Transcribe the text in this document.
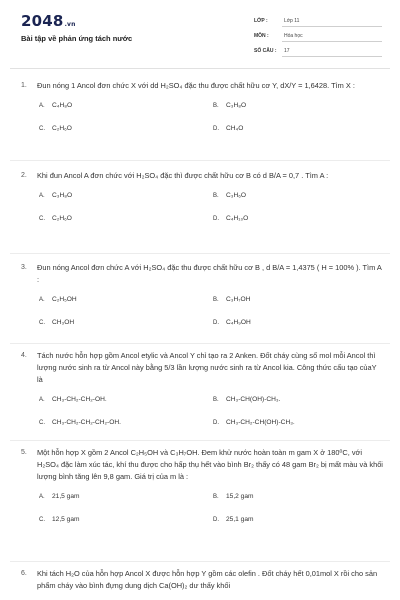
2048.vn
Bài tập về phản ứng tách nước
LỚP :	Lớp 11
MÔN :	Hóa học
SỐ CÂU :	17
1. Đun nóng 1 Ancol đơn chức X với dd H₂SO₄ đặc thu được chất hữu cơ Y, dX/Y = 1,6428. Tìm X :
A. C₄H₈O	B. C₃H₈O
C. C₂H₆O	D. CH₄O
2. Khi đun Ancol A đơn chức với H₂SO₄ đặc thì được chất hữu cơ B có d B/A = 0,7 . Tìm A :
A. C₃H₈O	B. C₃H₆O
C. C₂H₆O	D. C₄H₁₀O
3. Đun nóng Ancol đơn chức A với H₂SO₄ đặc thu được chất hữu cơ B , d B/A = 1,4375 ( H = 100% ). Tìm A :
A. C₂H₅OH	B. C₃H₇OH
C. CH₃OH	D. C₄H₉OH
4. Tách nước hỗn hợp gồm Ancol etylic và Ancol Y chỉ tạo ra 2 Anken. Đốt cháy cùng số mol mỗi Ancol thì lượng nước sinh ra từ Ancol này bằng 5/3 lần lượng nước sinh ra từ Ancol kia. Công thức cấu tạo củaY là
A. CH₃-CH₂-CH₂-OH.	B. CH₃-CH(OH)-CH₃.
C. CH₃-CH₂-CH₂-CH₂-OH.	D. CH₃-CH₂-CH(OH)-CH₃.
5. Một hỗn hợp X gồm 2 Ancol C₂H₅OH và C₃H₇OH. Đem khử nước hoàn toàn m gam X ở 180⁰C, với H₂SO₄ đặc làm xúc tác, khí thu được cho hấp thụ hết vào bình Br₂ thấy có 48 gam Br₂ bị mất màu và khối lượng bình tăng lên 9,8 gam. Giá trị của m là :
A. 21,5 gam	B. 15,2 gam
C. 12,5 gam	D. 25,1 gam
6. Khi tách H₂O của hỗn hợp Ancol X được hỗn hợp Y gồm các olefin . Đốt cháy hết 0,01mol X rồi cho sản phẩm cháy vào bình đựng dung dịch Ca(OH)₂ dư thấy khối
